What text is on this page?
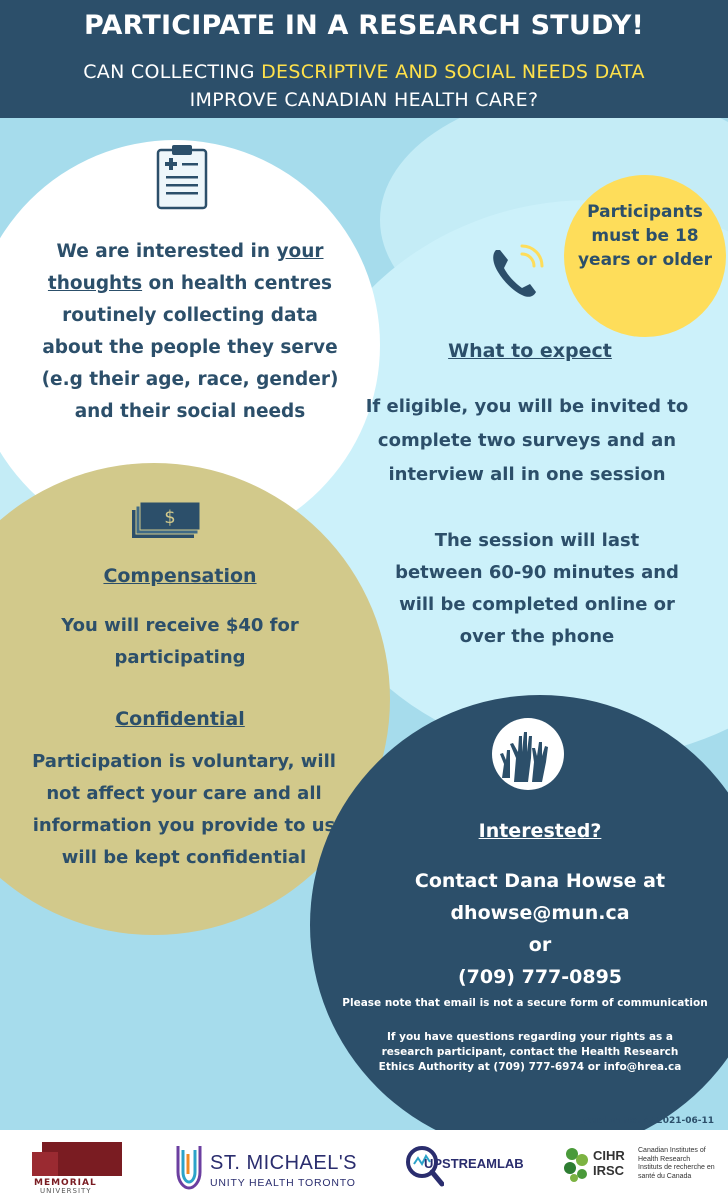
PARTICIPATE IN A RESEARCH STUDY!
CAN COLLECTING DESCRIPTIVE AND SOCIAL NEEDS DATA
IMPROVE CANADIAN HEALTH CARE?
$
We are interested in your
thoughts on health centres
routinely collecting data about the people they serve (e.g their age, race, gender) and their social needs
Participants must be 18 years or older
What to expect
If eligible, you will be invited to complete two surveys and an interview all in one session
The session will last between 60-90 minutes and will be completed online or over the phone
Compensation
You will receive $40 for participating
Confidential
Participation is voluntary, will not affect your care and all information you provide to us will be kept confidential
Interested?
Contact Dana Howse at
dhowse@mun.ca
or
(709) 777-0895
Please note that email is not a secure form of communication
If you have questions regarding your rights as a research participant, contact the Health Research Ethics Authority at (709) 777-6974 or info@hrea.ca
Version No. 4/ 2021-06-11
MEMORIAL
UNIVERSITY
ST. MICHAEL'S
UNITY HEALTH TORONTO
UPSTREAMLAB
CIHR
IRSC
Canadian Institutes of Health Research
Instituts de recherche en santé du Canada
